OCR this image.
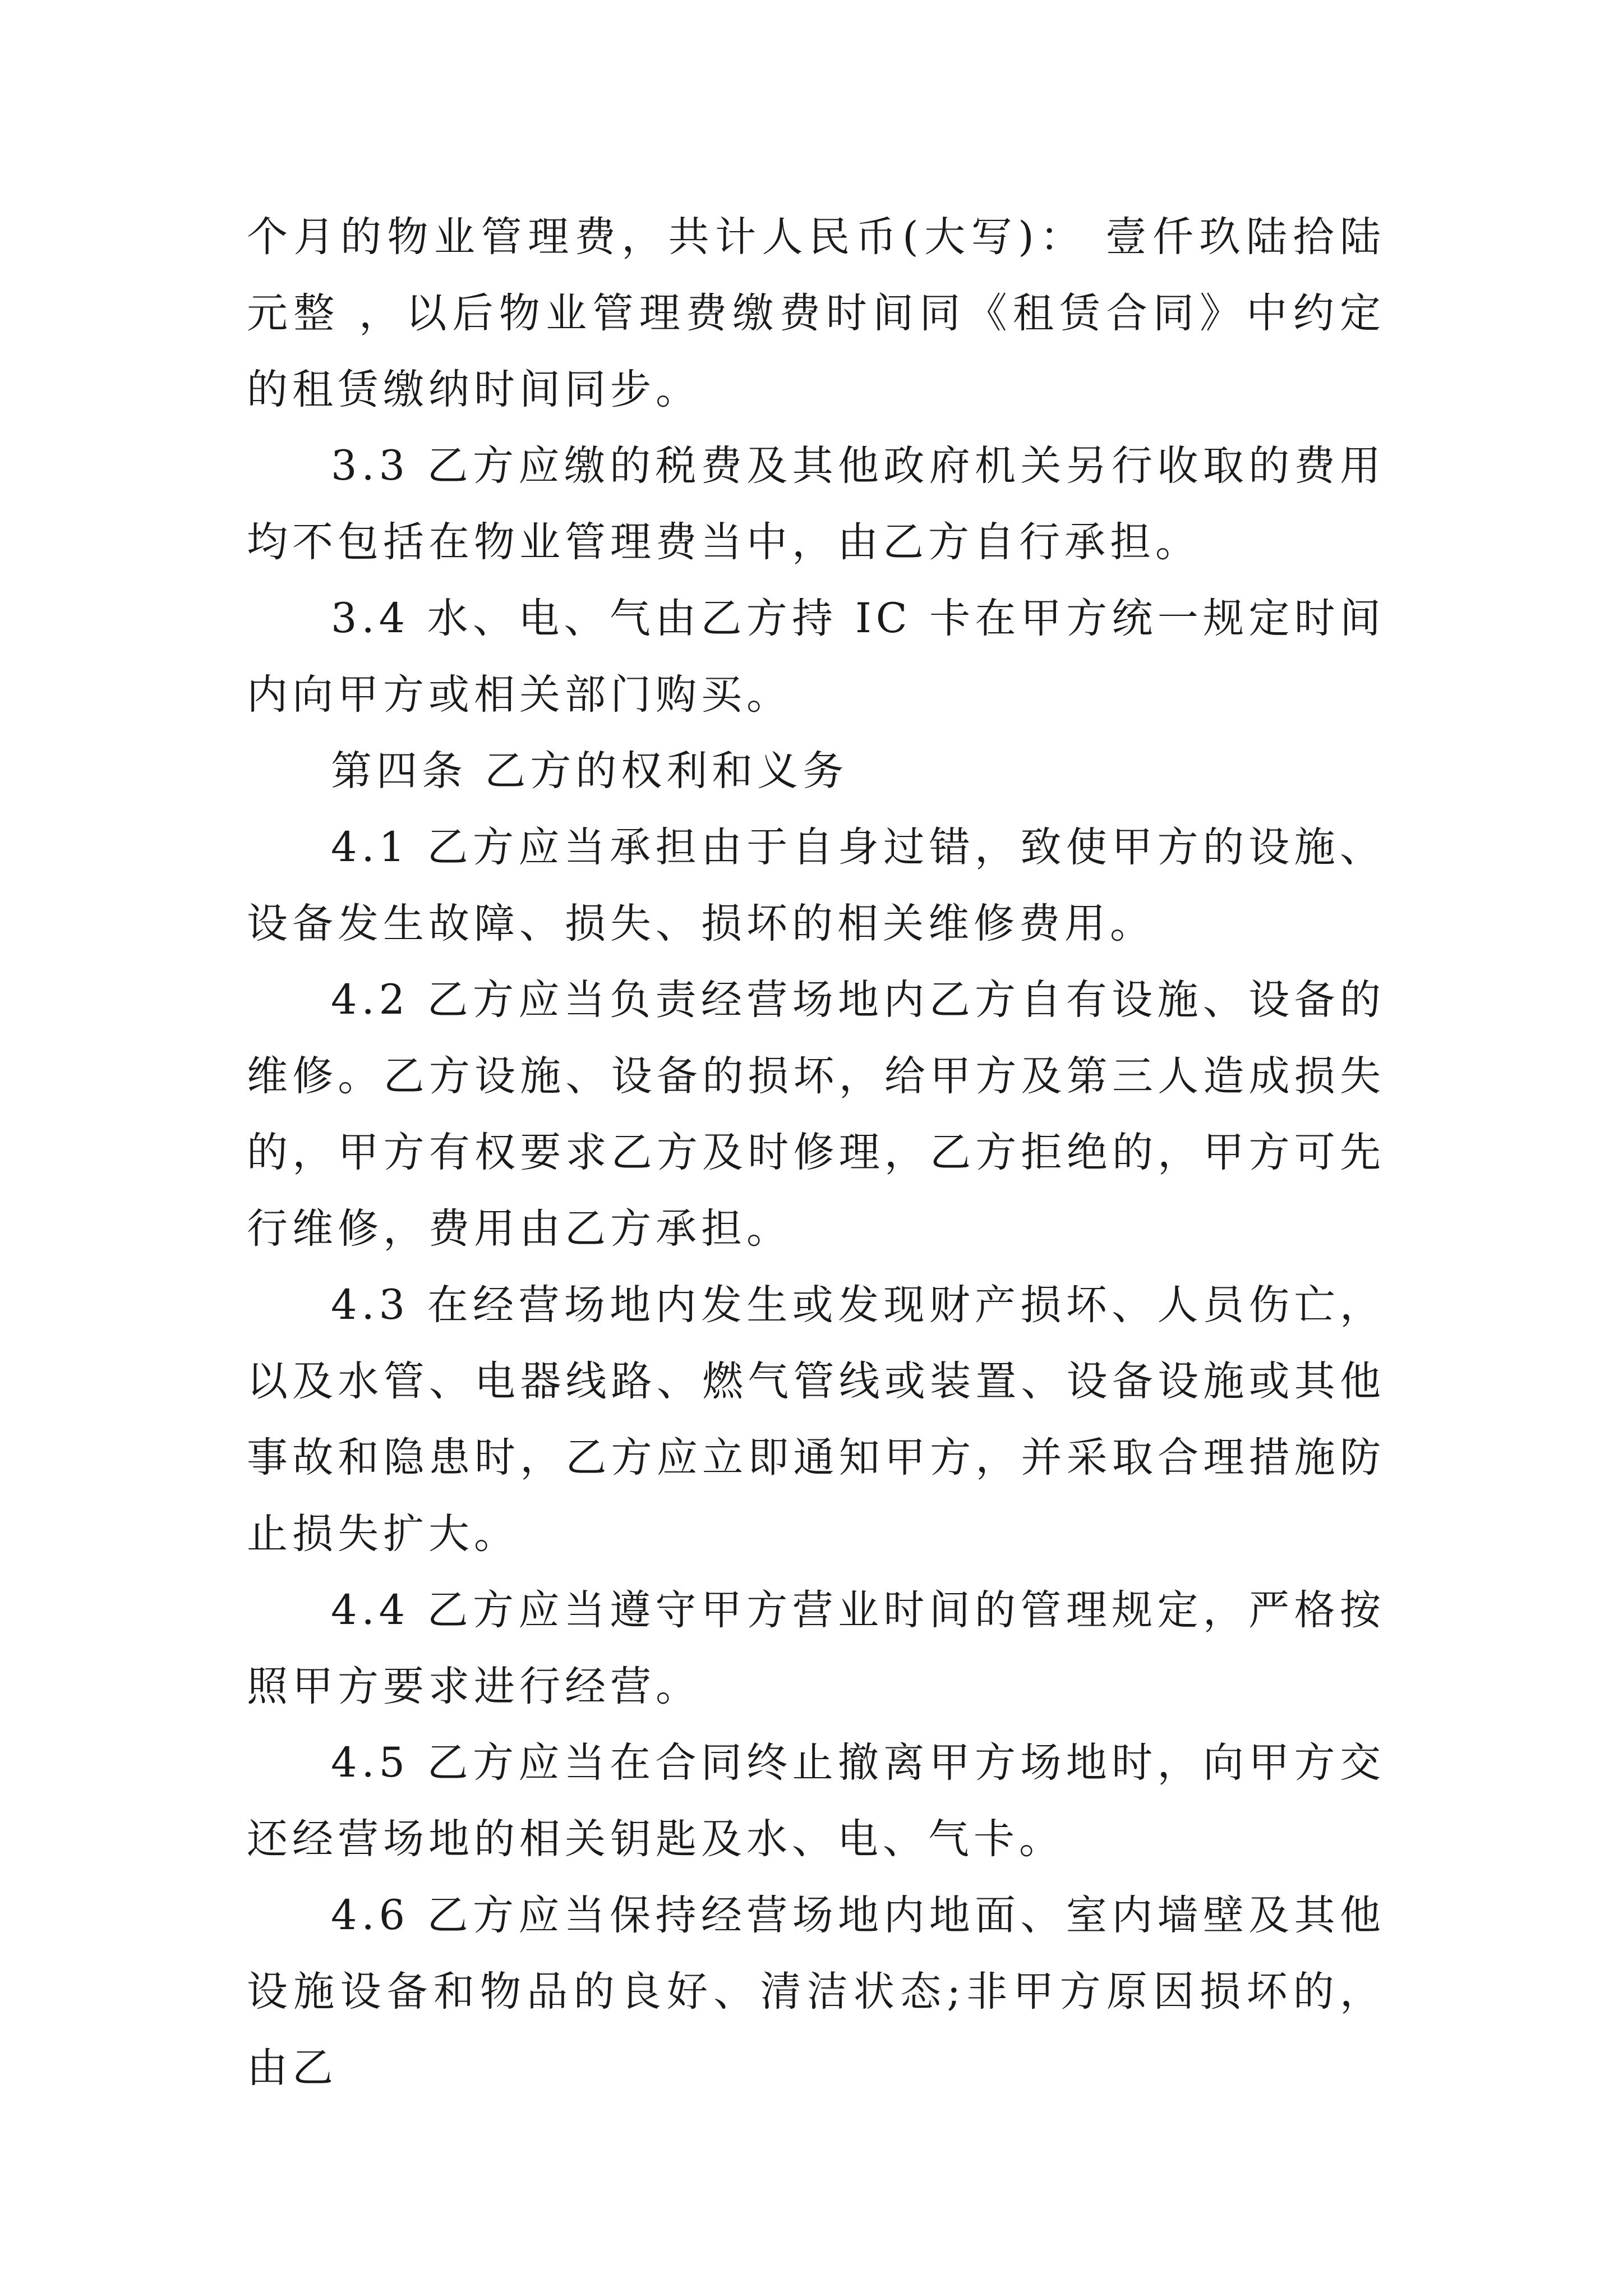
个月的物业管理费，共计人民币(大写)： 壹仟玖陆拾陆元整 ，以后物业管理费缴费时间同《租赁合同》中约定的租赁缴纳时间同步。

3.3 乙方应缴的税费及其他政府机关另行收取的费用均不包括在物业管理费当中，由乙方自行承担。

3.4 水、电、气由乙方持 IC 卡在甲方统一规定时间内向甲方或相关部门购买。

第四条 乙方的权利和义务

4.1 乙方应当承担由于自身过错，致使甲方的设施、设备发生故障、损失、损坏的相关维修费用。

4.2 乙方应当负责经营场地内乙方自有设施、设备的维修。乙方设施、设备的损坏，给甲方及第三人造成损失的，甲方有权要求乙方及时修理，乙方拒绝的，甲方可先行维修，费用由乙方承担。

4.3 在经营场地内发生或发现财产损坏、人员伤亡，以及水管、电器线路、燃气管线或装置、设备设施或其他事故和隐患时，乙方应立即通知甲方，并采取合理措施防止损失扩大。

4.4 乙方应当遵守甲方营业时间的管理规定，严格按照甲方要求进行经营。

4.5 乙方应当在合同终止撤离甲方场地时，向甲方交还经营场地的相关钥匙及水、电、气卡。

4.6 乙方应当保持经营场地内地面、室内墙壁及其他设施设备和物品的良好、清洁状态;非甲方原因损坏的，由乙
